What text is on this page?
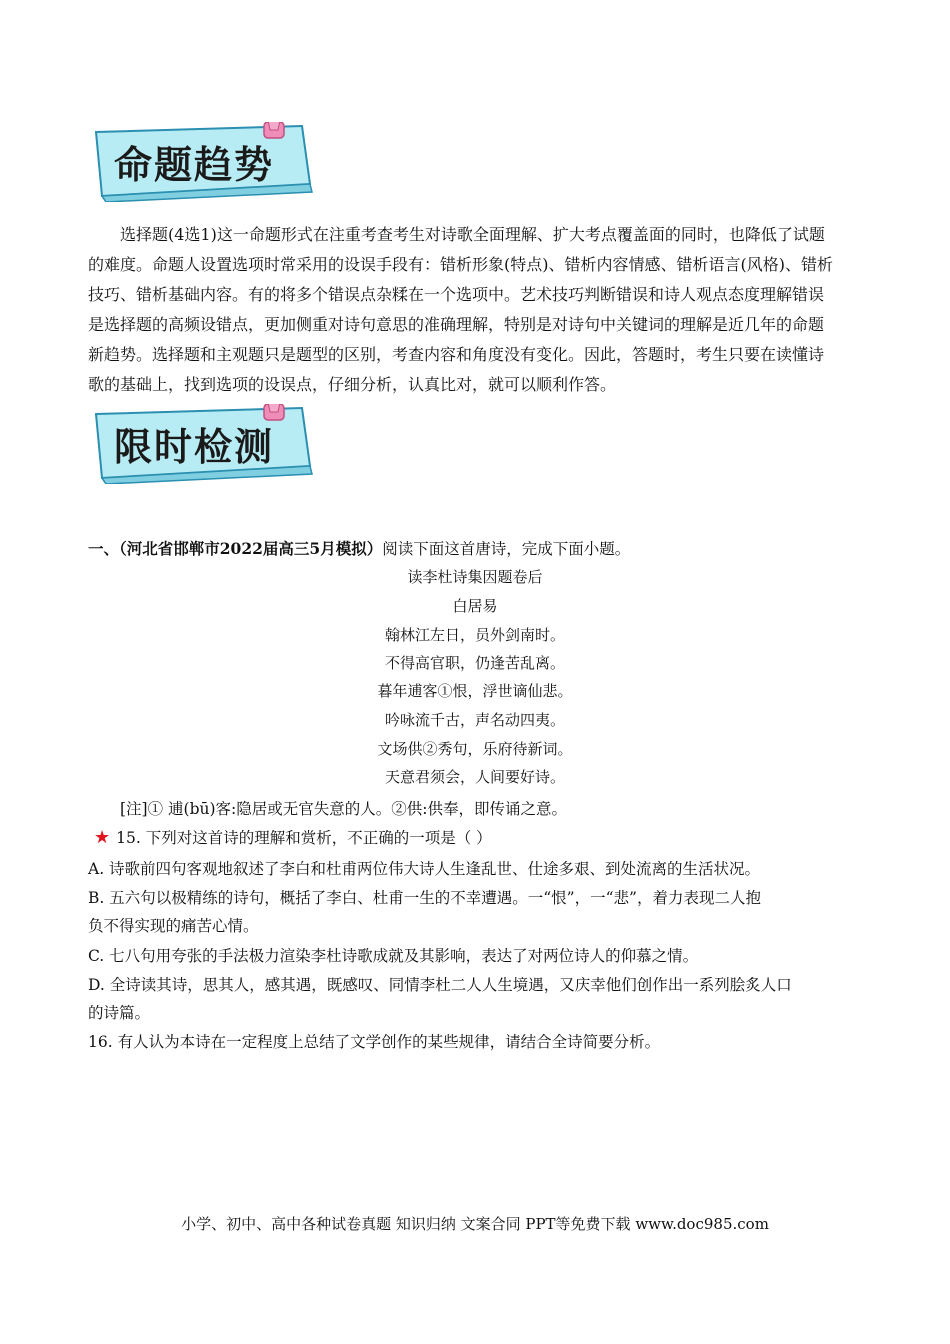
命题趋势
选择题(4选1)这一命题形式在注重考查考生对诗歌全面理解、扩大考点覆盖面的同时，也降低了试题
的难度。命题人设置选项时常采用的设误手段有：错析形象(特点)、错析内容情感、错析语言(风格)、错析
技巧、错析基础内容。有的将多个错误点杂糅在一个选项中。艺术技巧判断错误和诗人观点态度理解错误
是选择题的高频设错点，更加侧重对诗句意思的准确理解，特别是对诗句中关键词的理解是近几年的命题
新趋势。选择题和主观题只是题型的区别，考查内容和角度没有变化。因此，答题时，考生只要在读懂诗
歌的基础上，找到选项的设误点，仔细分析，认真比对，就可以顺利作答。
限时检测
一、（河北省邯郸市2022届高三5月模拟）阅读下面这首唐诗，完成下面小题。
读李杜诗集因题卷后
白居易
翰林江左日，员外剑南时。
不得高官职，仍逢苦乱离。
暮年逋客①恨，浮世谪仙悲。
吟咏流千古，声名动四夷。
文场供②秀句，乐府待新词。
天意君须会，人间要好诗。
[注]① 逋(bū)客:隐居或无官失意的人。②供:供奉，即传诵之意。
★ 15. 下列对这首诗的理解和赏析，不正确的一项是（ ）
A. 诗歌前四句客观地叙述了李白和杜甫两位伟大诗人生逢乱世、仕途多艰、到处流离的生活状况。
B. 五六句以极精练的诗句，概括了李白、杜甫一生的不幸遭遇。一“恨”，一“悲”，着力表现二人抱
负不得实现的痛苦心情。
C. 七八句用夸张的手法极力渲染李杜诗歌成就及其影响，表达了对两位诗人的仰慕之情。
D. 全诗读其诗，思其人，感其遇，既感叹、同情李杜二人人生境遇，又庆幸他们创作出一系列脍炙人口
的诗篇。
16. 有人认为本诗在一定程度上总结了文学创作的某些规律，请结合全诗简要分析。
小学、初中、高中各种试卷真题 知识归纳 文案合同 PPT等免费下载 www.doc985.com
